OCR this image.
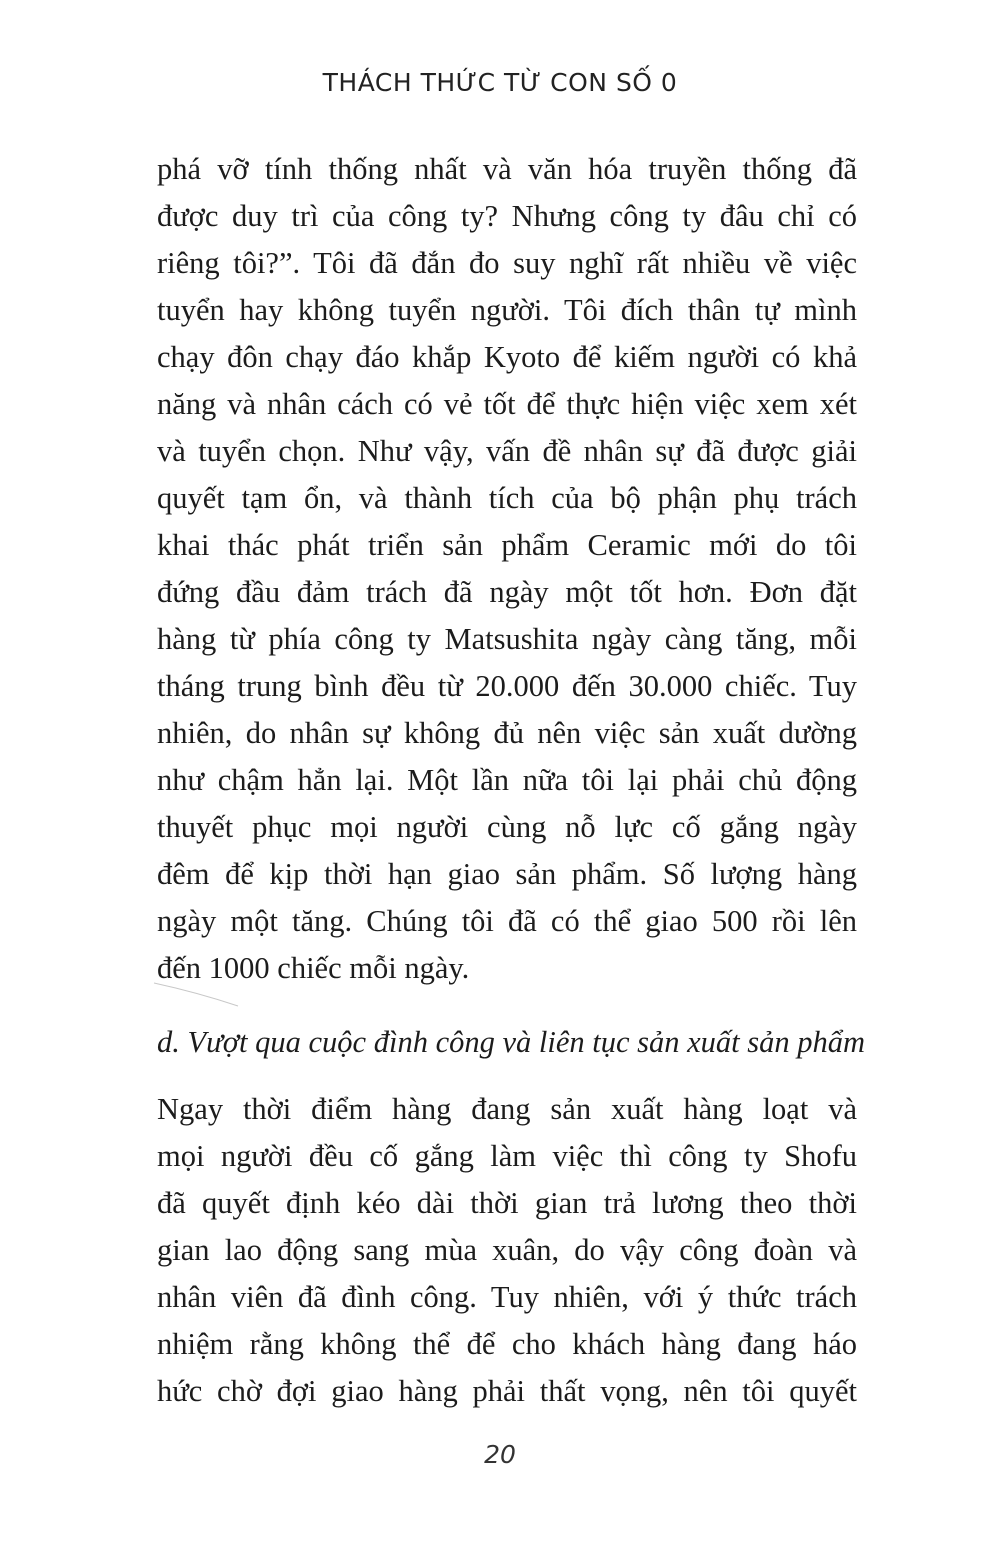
THÁCH THỨC TỪ CON SỐ 0
phá vỡ tính thống nhất và văn hóa truyền thống đã
được duy trì của công ty? Nhưng công ty đâu chỉ có
riêng tôi?”. Tôi đã đắn đo suy nghĩ rất nhiều về việc
tuyển hay không tuyển người. Tôi đích thân tự mình
chạy đôn chạy đáo khắp Kyoto để kiếm người có khả
năng và nhân cách có vẻ tốt để thực hiện việc xem xét
và tuyển chọn. Như vậy, vấn đề nhân sự đã được giải
quyết tạm ổn, và thành tích của bộ phận phụ trách
khai thác phát triển sản phẩm Ceramic mới do tôi
đứng đầu đảm trách đã ngày một tốt hơn. Đơn đặt
hàng từ phía công ty Matsushita ngày càng tăng, mỗi
tháng trung bình đều từ 20.000 đến 30.000 chiếc. Tuy
nhiên, do nhân sự không đủ nên việc sản xuất dường
như chậm hẳn lại. Một lần nữa tôi lại phải chủ động
thuyết phục mọi người cùng nỗ lực cố gắng ngày
đêm để kịp thời hạn giao sản phẩm. Số lượng hàng
ngày một tăng. Chúng tôi đã có thể giao 500 rồi lên
đến 1000 chiếc mỗi ngày.
d. Vượt qua cuộc đình công và liên tục sản xuất sản phẩm
Ngay thời điểm hàng đang sản xuất hàng loạt và
mọi người đều cố gắng làm việc thì công ty Shofu
đã quyết định kéo dài thời gian trả lương theo thời
gian lao động sang mùa xuân, do vậy công đoàn và
nhân viên đã đình công. Tuy nhiên, với ý thức trách
nhiệm rằng không thể để cho khách hàng đang háo
hức chờ đợi giao hàng phải thất vọng, nên tôi quyết
20
